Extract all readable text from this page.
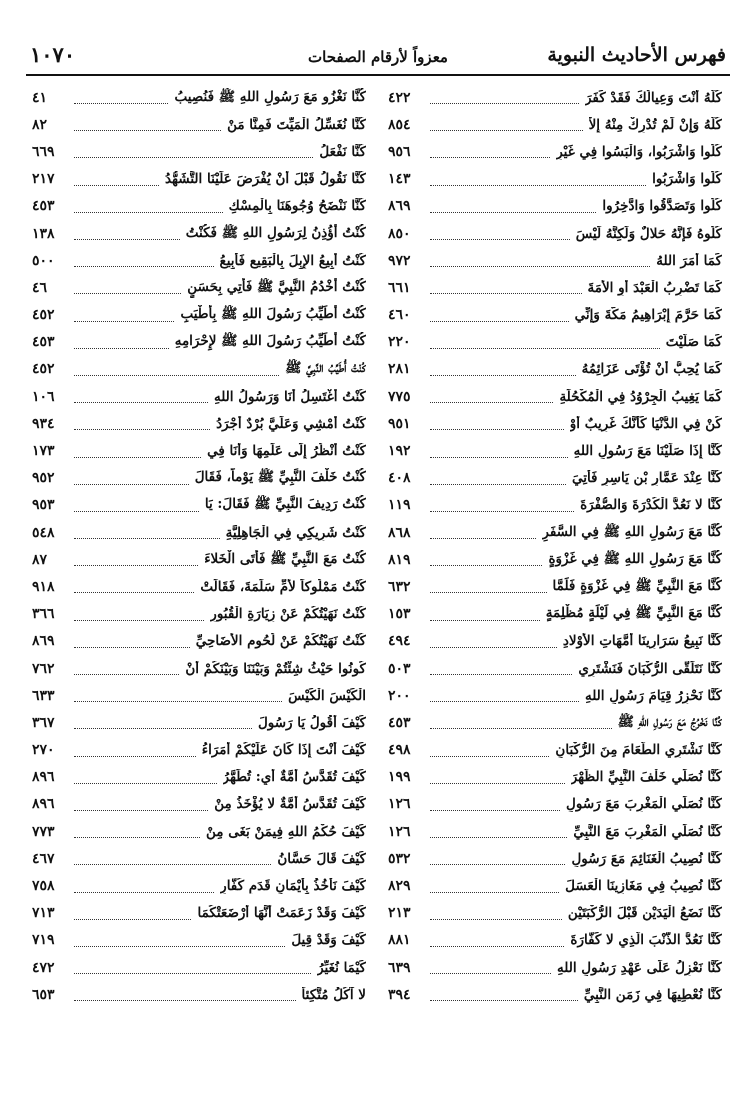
فهرس الأحاديث النبوية
معزواً لأرقام الصفحات
١٠٧٠
كُلّهُ أَنْتَ وَعِيالُكَ فَقَدْ كَفَرَ
٤٢٢
كُلّهُ وَإِنْ لَمْ تُدْرِكْ مِنْهُ إِلاَّ
٨٥٤
كُلُوا وَاشْرَبُوا، وَالْبَسُوا فِي غَيْرِ
٩٥٦
كُلُوا وَاشْرَبُوا
١٤٣
كُلُوا وَتَصَدَّقُوا وَادَّخِرُوا
٨٦٩
كُلُوهُ فَإِنَّهُ حَلالٌ وَلَكِنَّهُ لَيْسَ
٨٥٠
كَمَا أَمَرَ اللهُ
٩٧٢
كَمَا تَضْرِبُ الْعَبْدَ أَوِ الأَمَةَ
٦٦١
كَمَا حَرَّمَ إِبْرَاهِيمُ مَكَّةَ وَإِنِّي
٤٦٠
كَمَا صَلَّيْتَ
٢٢٠
كَمَا يُحِبُّ أَنْ تُؤْتَى عَزَائِمُهُ
٢٨١
كَمَا يَغِيبُ الْجِرْوُدُ فِي الْمُكْحُلَةِ
٧٧٥
كُنْ فِي الدُّنْيَا كَأَنَّكَ غَرِيبٌ أَوْ
٩٥١
كُنَّا إِذَا صَلَّيْنَا مَعَ رَسُولِ اللهِ
١٩٢
كُنَّا عِنْدَ عَمَّارِ بْنِ يَاسِرٍ فَأُتِيَ
٤٠٨
كُنَّا لا نَعُدُّ الْكُدْرَةَ وَالصُّفْرَةَ
١١٩
كُنَّا مَعَ رَسُولِ اللهِ ﷺ فِي السَّفَرِ
٨٦٨
كُنَّا مَعَ رَسُولِ اللهِ ﷺ فِي غَزْوَةٍ
٨١٩
كُنَّا مَعَ النَّبِيِّ ﷺ فِي غَزْوَةٍ فَلَمَّا
٦٣٢
كُنَّا مَعَ النَّبِيِّ ﷺ فِي لَيْلَةٍ مُظْلِمَةٍ
١٥٣
كُنَّا نَبِيعُ سَرَارِينَا أُمَّهَاتِ الأَوْلادِ
٤٩٤
كُنَّا نَتَلَقَّى الرُّكْبَانَ فَنَشْتَرِي
٥٠٣
كُنَّا نَحْزِرُ قِيَامَ رَسُولِ اللهِ
٢٠٠
كُنَّا نَخْرُجُ مَعَ رَسُولِ اللهِ ﷺ
٤٥٣
كُنَّا نَشْتَرِي الطَّعَامَ مِنَ الرُّكْبَانِ
٤٩٨
كُنَّا نُصَلِّي خَلْفَ النَّبِيِّ الظُّهْرَ
١٩٩
كُنَّا نُصَلِّي الْمَغْرِبَ مَعَ رَسُولِ
١٢٦
كُنَّا نُصَلِّي الْمَغْرِبَ مَعَ النَّبِيِّ
١٢٦
كُنَّا نُصِيبُ الْغَنَائِمَ مَعَ رَسُولِ
٥٣٢
كُنَّا نُصِيبُ فِي مَغَازِينَا الْعَسَلَ
٨٢٩
كُنَّا نَضَعُ الْيَدَيْنِ قَبْلَ الرُّكْبَتَيْنِ
٢١٣
كُنَّا نَعُدُّ الذَّنْبَ الَّذِي لا كَفَّارَةَ
٨٨١
كُنَّا نَعْزِلُ عَلَى عَهْدِ رَسُولِ اللهِ
٦٣٩
كُنَّا نُعْطِيهَا فِي زَمَنِ النَّبِيِّ
٣٩٤
كُنَّا نَغْزُو مَعَ رَسُولِ اللهِ ﷺ فَنُصِيبُ
٤١
كُنَّا نُغَسِّلُ الْمَيِّتَ فَمِنَّا مَنْ
٨٢
كُنَّا نَفْعَلُ
٦٦٩
كُنَّا نَقُولُ قَبْلَ أَنْ يُفْرَضَ عَلَيْنَا التَّشَهُّدُ
٢١٧
كُنَّا نَنْضَحُ وُجُوهَنَا بِالْمِسْكِ
٤٥٣
كُنْتُ أَؤُذِنُ لِرَسُولِ اللهِ ﷺ فَكُنْتُ
١٣٨
كُنْتُ أَبِيعُ الإِبِلَ بِالْبَقِيعِ فَأَبِيعُ
٥٠٠
كُنْتُ أَخْدُمُ النَّبِيَّ ﷺ فَأَتِي بِحَسَنٍ
٤٦
كُنْتُ أُطَيِّبُ رَسُولَ اللهِ ﷺ بِأَطْيَبِ
٤٥٢
كُنْتُ أُطَيِّبُ رَسُولَ اللهِ ﷺ لإِحْرَامِهِ
٤٥٣
كُنْتُ أُطَيِّبُ النَّبِيَّ ﷺ
٤٥٢
كُنْتُ أَغْتَسِلُ أَنَا وَرَسُولُ اللهِ
١٠٦
كُنْتُ أَمْشِي وَعَلَيَّ بُرْدٌ أَجْرَدُ
٩٣٤
كُنْتُ أَنْظُرُ إِلَى عَلَمِهَا وَأَنَا فِي
١٧٣
كُنْتُ خَلْفَ النَّبِيِّ ﷺ يَوْماً، فَقَالَ
٩٥٢
كُنْتُ رَدِيفَ النَّبِيِّ ﷺ فَقَالَ: يَا
٩٥٣
كُنْتُ شَرِيكِي فِي الْجَاهِلِيَّةِ
٥٤٨
كُنْتُ مَعَ النَّبِيِّ ﷺ فَأَتَى الْخَلاءَ
٨٧
كُنْتُ مَمْلُوكاً لأُمِّ سَلَمَةَ، فَقَالَتْ
٩١٨
كُنْتُ نَهَيْتُكُمْ عَنْ زِيَارَةِ الْقُبُورِ
٣٦٦
كُنْتُ نَهَيْتُكُمْ عَنْ لُحُومِ الأَضَاحِيِّ
٨٦٩
كُونُوا حَيْثُ شِئْتُمْ وَبَيْنَنَا وَبَيْنَكُمْ أَنْ
٧٦٢
الْكَيْسَ الْكَيْسَ
٦٣٣
كَيْفَ أَقُولُ يَا رَسُولَ
٣٦٧
كَيْفَ أَنْتَ إِذَا كَانَ عَلَيْكُمْ أُمَرَاءُ
٢٧٠
كَيْفَ تُقَدَّسُ أُمَّةٌ أَيِ: تُطَهَّرُ
٨٩٦
كَيْفَ تُقَدَّسُ أُمَّةٌ لا يُؤْخَذُ مِنْ
٨٩٦
كَيْفَ حُكْمُ اللهِ فِيمَنْ بَغَى مِنْ
٧٧٣
كَيْفَ قَالَ حَسَّانُ
٤٦٧
كَيْفَ نَأْخُذُ بِأَيْمَانِ قَدَمٍ كُفَّارٍ
٧٥٨
كَيْفَ وَقَدْ زَعَمَتْ أَنَّهَا أَرْضَعَتْكُمَا
٧١٣
كَيْفَ وَقَدْ قِيلَ
٧١٩
كَيْمَا نُغَيِّرُ
٤٧٢
لا آكُلُ مُتَّكِئاً
٦٥٣
